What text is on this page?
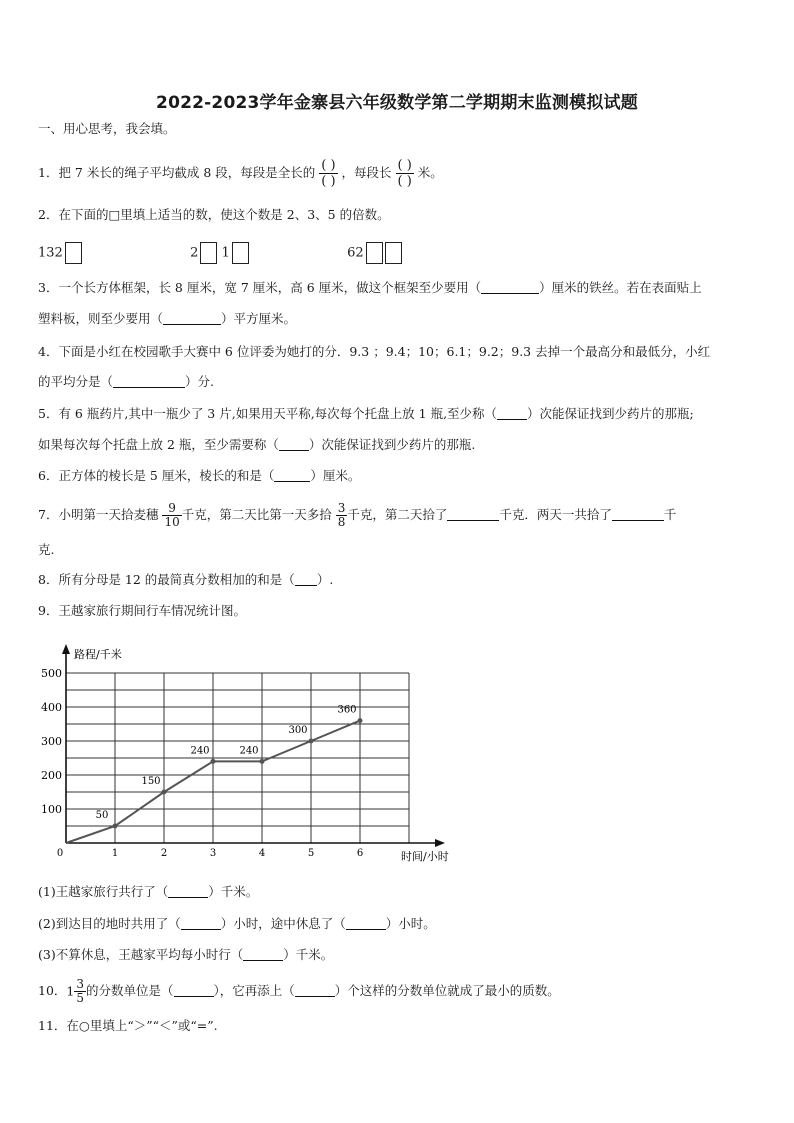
2022-2023学年金寨县六年级数学第二学期期末监测模拟试题
一、用心思考，我会填。
1．把 7 米长的绳子平均截成 8 段，每段是全长的 $\frac{( )}{( )}$ ，每段长 $\frac{( )}{( )}$ 米。
2．在下面的□里填上适当的数，使这个数是 2、3、5 的倍数。
132	2 1	62
3．一个长方体框架，长 8 厘米，宽 7 厘米，高 6 厘米，做这个框架至少要用（	）厘米的铁丝。若在表面贴上
塑料板，则至少要用（	）平方厘米。
4．下面是小红在校园歌手大赛中 6 位评委为她打的分．9.3 ；9.4；10；6.1；9.2；9.3 去掉一个最高分和最低分，小红
的平均分是（	）分.
5．有 6 瓶药片,其中一瓶少了 3 片,如果用天平称,每次每个托盘上放 1 瓶,至少称（ ）次能保证找到少药片的那瓶;
如果每次每个托盘上放 2 瓶，至少需要称（ ）次能保证找到少药片的那瓶.
6．正方体的棱长是 5 厘米，棱长的和是（	）厘米。
7．小明第一天拾麦穗 $\frac{9}{10}$ 千克，第二天比第一天多拾 $\frac{3}{8}$ 千克，第二天拾了	千克．两天一共拾了	千
克.
8．所有分母是 12 的最简真分数相加的和是（ ）.
9．王越家旅行期间行车情况统计图。
路程/千米
时间/小时
100
200
300
400
500
0	1	2	3	4	5	6
50
150
240	240
300
360
(1)王越家旅行共行了（	）千米。
(2)到达目的地时共用了（	）小时，途中休息了（	）小时。
(3)不算休息，王越家平均每小时行（	）千米。
10．$1 \frac{3}{5}$ 的分数单位是（	），它再添上（	）个这样的分数单位就成了最小的质数。
11．在○里填上“＞”“＜”或“=”.
